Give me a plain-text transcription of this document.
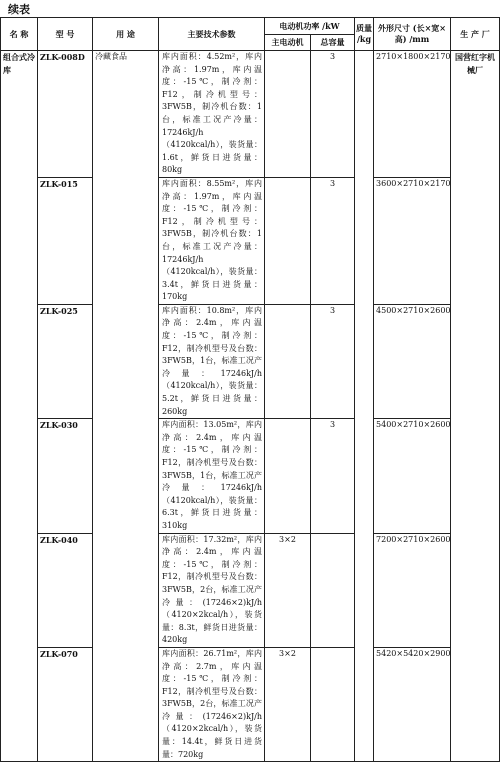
续表
名 称	型 号	用 途	主要技术参数	电动机功率 /kW		质量 /kg	外形尺寸 (长×宽×高) /mm	生 产 厂
				主电动机	总容量			
组合式冷库	ZLK-008D	冷藏食品	库内面积：4.52m²，库内净高：1.97m，库内温度：-15℃，制冷剂：F12，制冷机型号：3FW5B，制冷机台数：1台，标准工况产冷量：17246kJ/h（4120kcal/h），装货量：1.6t，鲜货日进货量：80kg		3		2710×1800×2170	国营红字机械厂
	ZLK-015		库内面积：8.55m²，库内净高：1.97m，库内温度：-15℃，制冷剂：F12，制冷机型号：3FW5B，制冷机台数：1台，标准工况产冷量：17246kJ/h（4120kcal/h），装货量：3.4t，鲜货日进货量：170kg		3		3600×2710×2170	
	ZLK-025		库内面积：10.8m²，库内净高：2.4m，库内温度：-15℃，制冷剂：F12，制冷机型号及台数：3FW5B，1台，标准工况产冷量：17246kJ/h（4120kcal/h），装货量：5.2t，鲜货日进货量：260kg		3		4500×2710×2600	
	ZLK-030		库内面积：13.05m²，库内净高：2.4m，库内温度：-15℃，制冷剂：F12，制冷机型号及台数：3FW5B，1台，标准工况产冷量：17246kJ/h（4120kcal/h），装货量：6.3t，鲜货日进货量：310kg		3		5400×2710×2600	
	ZLK-040		库内面积：17.32m²，库内净高：2.4m，库内温度：-15℃，制冷剂：F12，制冷机型号及台数：3FW5B，2台，标准工况产冷量：(17246×2)kJ/h（4120×2kcal/h），装货量：8.3t，鲜货日进货量：420kg	3×2			7200×2710×2600	
	ZLK-070		库内面积：26.71m²，库内净高：2.7m，库内温度：-15℃，制冷剂：F12，制冷机型号及台数：3FW5B，2台，标准工况产冷量：(17246×2)kJ/h（4120×2kcal/h），装货量：14.4t，鲜货日进货量：720kg	3×2			5420×5420×2900	
